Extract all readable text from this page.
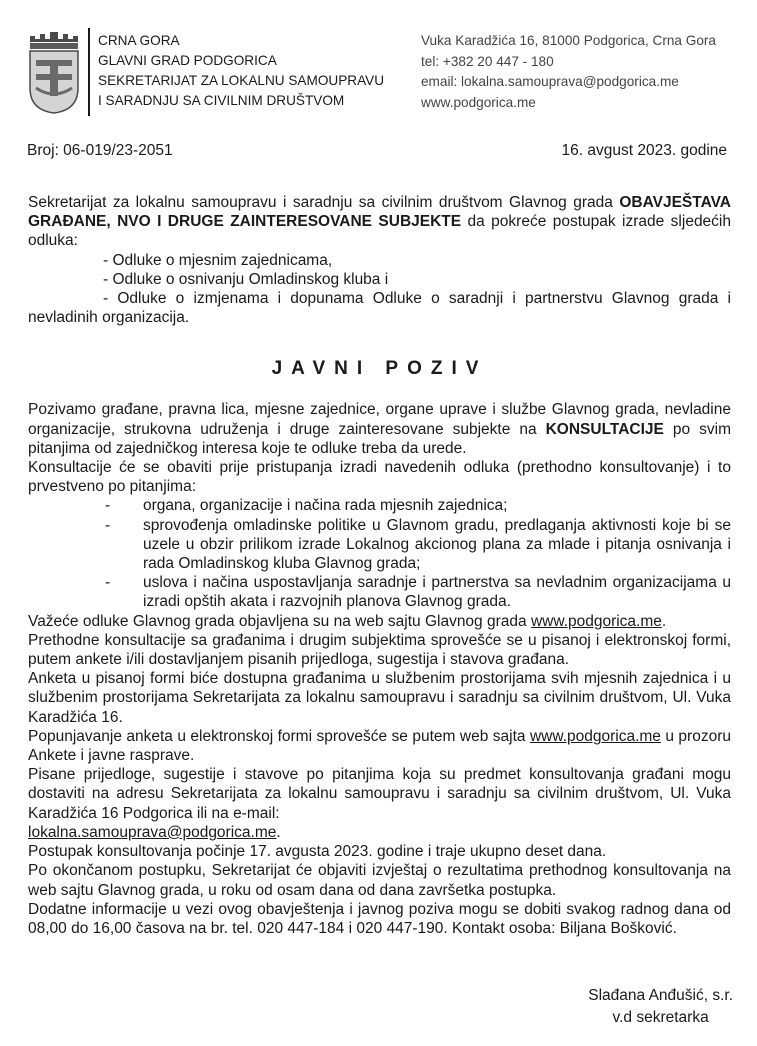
CRNA GORA
GLAVNI GRAD PODGORICA
SEKRETARIJAT ZA LOKALNU SAMOUPRAVU
I SARADNJU SA CIVILNIM DRUŠTVOM
Vuka Karadžića 16, 81000 Podgorica, Crna Gora
tel: +382 20 447 - 180
email: lokalna.samouprava@podgorica.me
www.podgorica.me
Broj: 06-019/23-2051	16. avgust 2023. godine

Sekretarijat za lokalnu samoupravu i saradnju sa civilnim društvom Glavnog grada OBAVJEŠTAVA GRAĐANE, NVO I DRUGE ZAINTERESOVANE SUBJEKTE da pokreće postupak izrade sljedećih odluka:

- Odluke o mjesnim zajednicama,
- Odluke o osnivanju Omladinskog kluba i
- Odluke o izmjenama i dopunama Odluke o saradnji i partnerstvu Glavnog grada i nevladinih organizacija.
JAVNI POZIV

Pozivamo građane, pravna lica, mjesne zajednice, organe uprave i službe Glavnog grada, nevladine organizacije, strukovna udruženja i druge zainteresovane subjekte na KONSULTACIJE po svim pitanjima od zajedničkog interesa koje te odluke treba da urede.

Konsultacije će se obaviti prije pristupanja izradi navedenih odluka (prethodno konsultovanje) i to prvestveno po pitanjima:

- organa, organizacije i načina rada mjesnih zajednica;
- sprovođenja omladinske politike u Glavnom gradu, predlaganja aktivnosti koje bi se uzele u obzir prilikom izrade Lokalnog akcionog plana za mlade i pitanja osnivanja i rada Omladinskog kluba Glavnog grada;
- uslova i načina uspostavljanja saradnje i partnerstva sa nevladnim organizacijama u izradi opštih akata i razvojnih planova Glavnog grada.

Važeće odluke Glavnog grada objavljena su na web sajtu Glavnog grada www.podgorica.me.

Prethodne konsultacije sa građanima i drugim subjektima sprovešće se u pisanoj i elektronskoj formi, putem ankete i/ili dostavljanjem pisanih prijedloga, sugestija i stavova građana.

Anketa u pisanoj formi biće dostupna građanima u službenim prostorijama svih mjesnih zajednica i u službenim prostorijama Sekretarijata za lokalnu samoupravu i saradnju sa civilnim društvom, Ul. Vuka Karadžića 16.

Popunjavanje anketa u elektronskoj formi sprovešće se putem web sajta www.podgorica.me u prozoru Ankete i javne rasprave.

Pisane prijedloge, sugestije i stavove po pitanjima koja su predmet konsultovanja građani mogu dostaviti na adresu Sekretarijata za lokalnu samoupravu i saradnju sa civilnim društvom, Ul. Vuka Karadžića 16 Podgorica ili na e-mail:

lokalna.samouprava@podgorica.me.

Postupak konsultovanja počinje 17. avgusta 2023. godine i traje ukupno deset dana.

Po okončanom postupku, Sekretarijat će objaviti izvještaj o rezultatima prethodnog konsultovanja na web sajtu Glavnog grada, u roku od osam dana od dana završetka postupka.

Dodatne informacije u vezi ovog obavještenja i javnog poziva mogu se dobiti svakog radnog dana od 08,00 do 16,00 časova na br. tel. 020 447-184 i 020 447-190. Kontakt osoba: Biljana Bošković.

Slađana Anđušić, s.r.
v.d sekretarka
